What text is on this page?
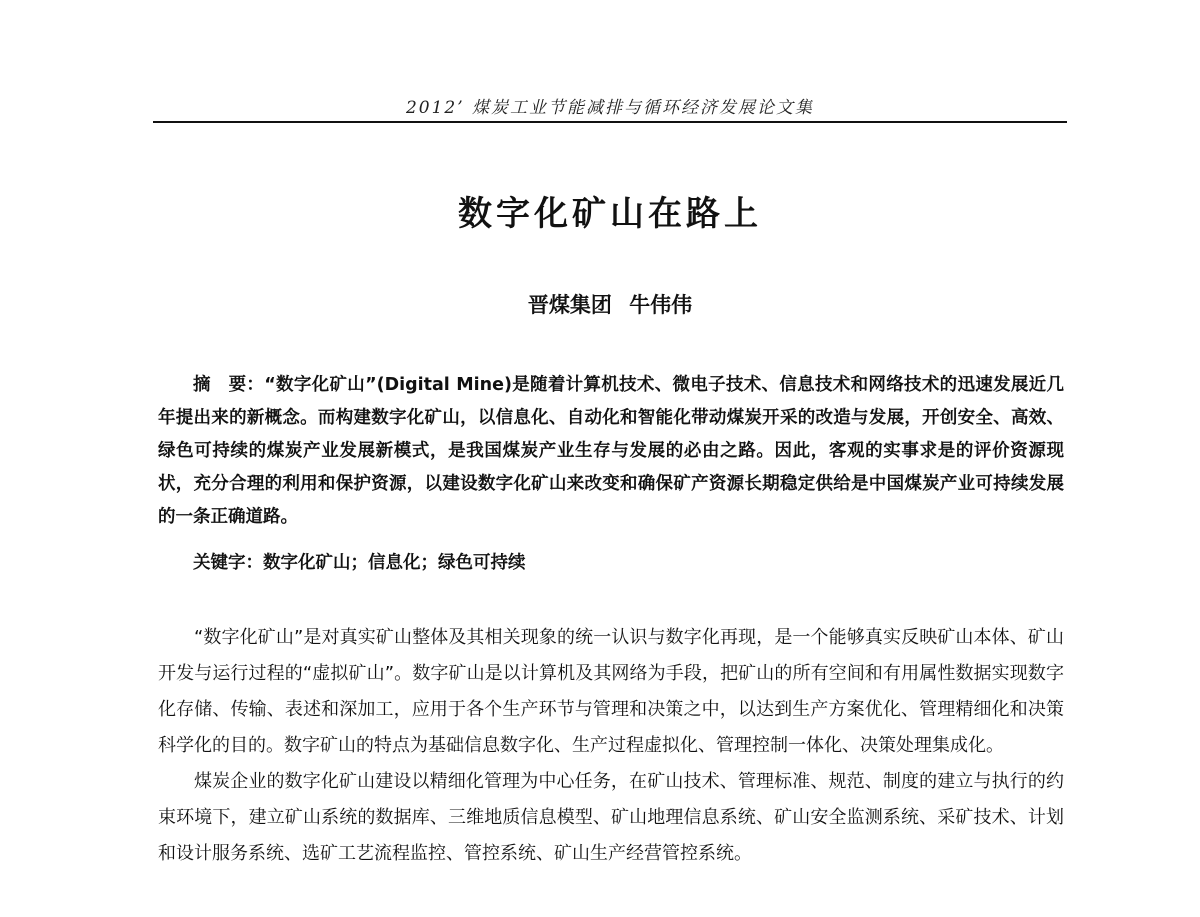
2012’ 煤炭工业节能减排与循环经济发展论文集
数字化矿山在路上
晋煤集团 牛伟伟
摘　要：“数字化矿山”(Digital Mine)是随着计算机技术、微电子技术、信息技术和网络技术的迅速发展近几年提出来的新概念。而构建数字化矿山，以信息化、自动化和智能化带动煤炭开采的改造与发展，开创安全、高效、绿色可持续的煤炭产业发展新模式，是我国煤炭产业生存与发展的必由之路。因此，客观的实事求是的评价资源现状，充分合理的利用和保护资源，以建设数字化矿山来改变和确保矿产资源长期稳定供给是中国煤炭产业可持续发展的一条正确道路。
关键字：数字化矿山；信息化；绿色可持续

“数字化矿山”是对真实矿山整体及其相关现象的统一认识与数字化再现，是一个能够真实反映矿山本体、矿山开发与运行过程的“虚拟矿山”。数字矿山是以计算机及其网络为手段，把矿山的所有空间和有用属性数据实现数字化存储、传输、表述和深加工，应用于各个生产环节与管理和决策之中，以达到生产方案优化、管理精细化和决策科学化的目的。数字矿山的特点为基础信息数字化、生产过程虚拟化、管理控制一体化、决策处理集成化。

煤炭企业的数字化矿山建设以精细化管理为中心任务，在矿山技术、管理标准、规范、制度的建立与执行的约束环境下，建立矿山系统的数据库、三维地质信息模型、矿山地理信息系统、矿山安全监测系统、采矿技术、计划和设计服务系统、选矿工艺流程监控、管控系统、矿山生产经营管控系统。
